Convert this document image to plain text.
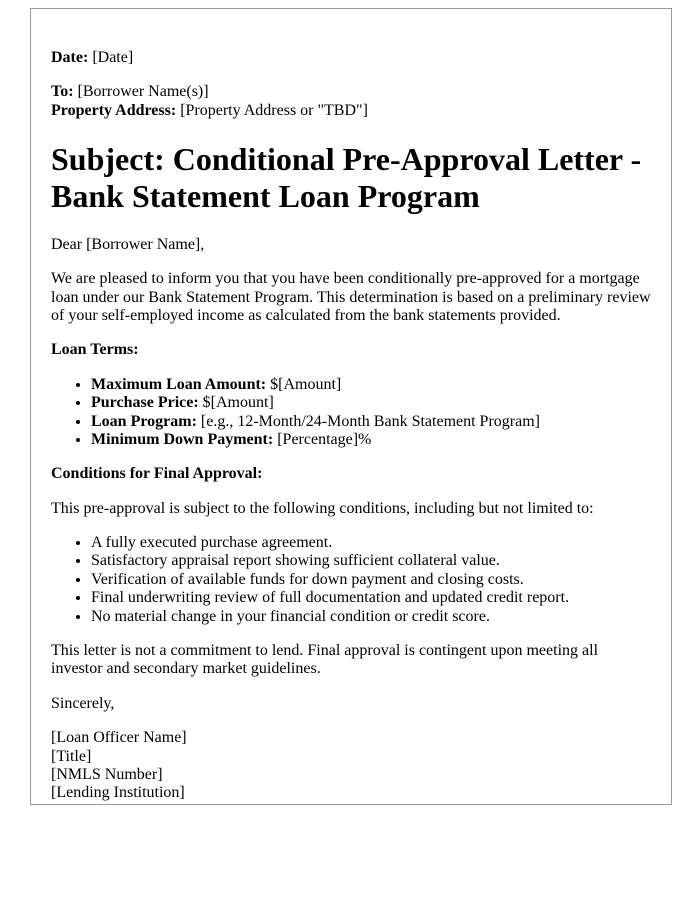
Date: [Date]

To: [Borrower Name(s)]
Property Address: [Property Address or "TBD"]

Subject: Conditional Pre-Approval Letter - Bank Statement Loan Program

Dear [Borrower Name],

We are pleased to inform you that you have been conditionally pre-approved for a mortgage loan under our Bank Statement Program. This determination is based on a preliminary review of your self-employed income as calculated from the bank statements provided.

Loan Terms:

• Maximum Loan Amount: $[Amount]
• Purchase Price: $[Amount]
• Loan Program: [e.g., 12-Month/24-Month Bank Statement Program]
• Minimum Down Payment: [Percentage]%

Conditions for Final Approval:

This pre-approval is subject to the following conditions, including but not limited to:

• A fully executed purchase agreement.
• Satisfactory appraisal report showing sufficient collateral value.
• Verification of available funds for down payment and closing costs.
• Final underwriting review of full documentation and updated credit report.
• No material change in your financial condition or credit score.

This letter is not a commitment to lend. Final approval is contingent upon meeting all investor and secondary market guidelines.

Sincerely,

[Loan Officer Name]
[Title]
[NMLS Number]
[Lending Institution]
